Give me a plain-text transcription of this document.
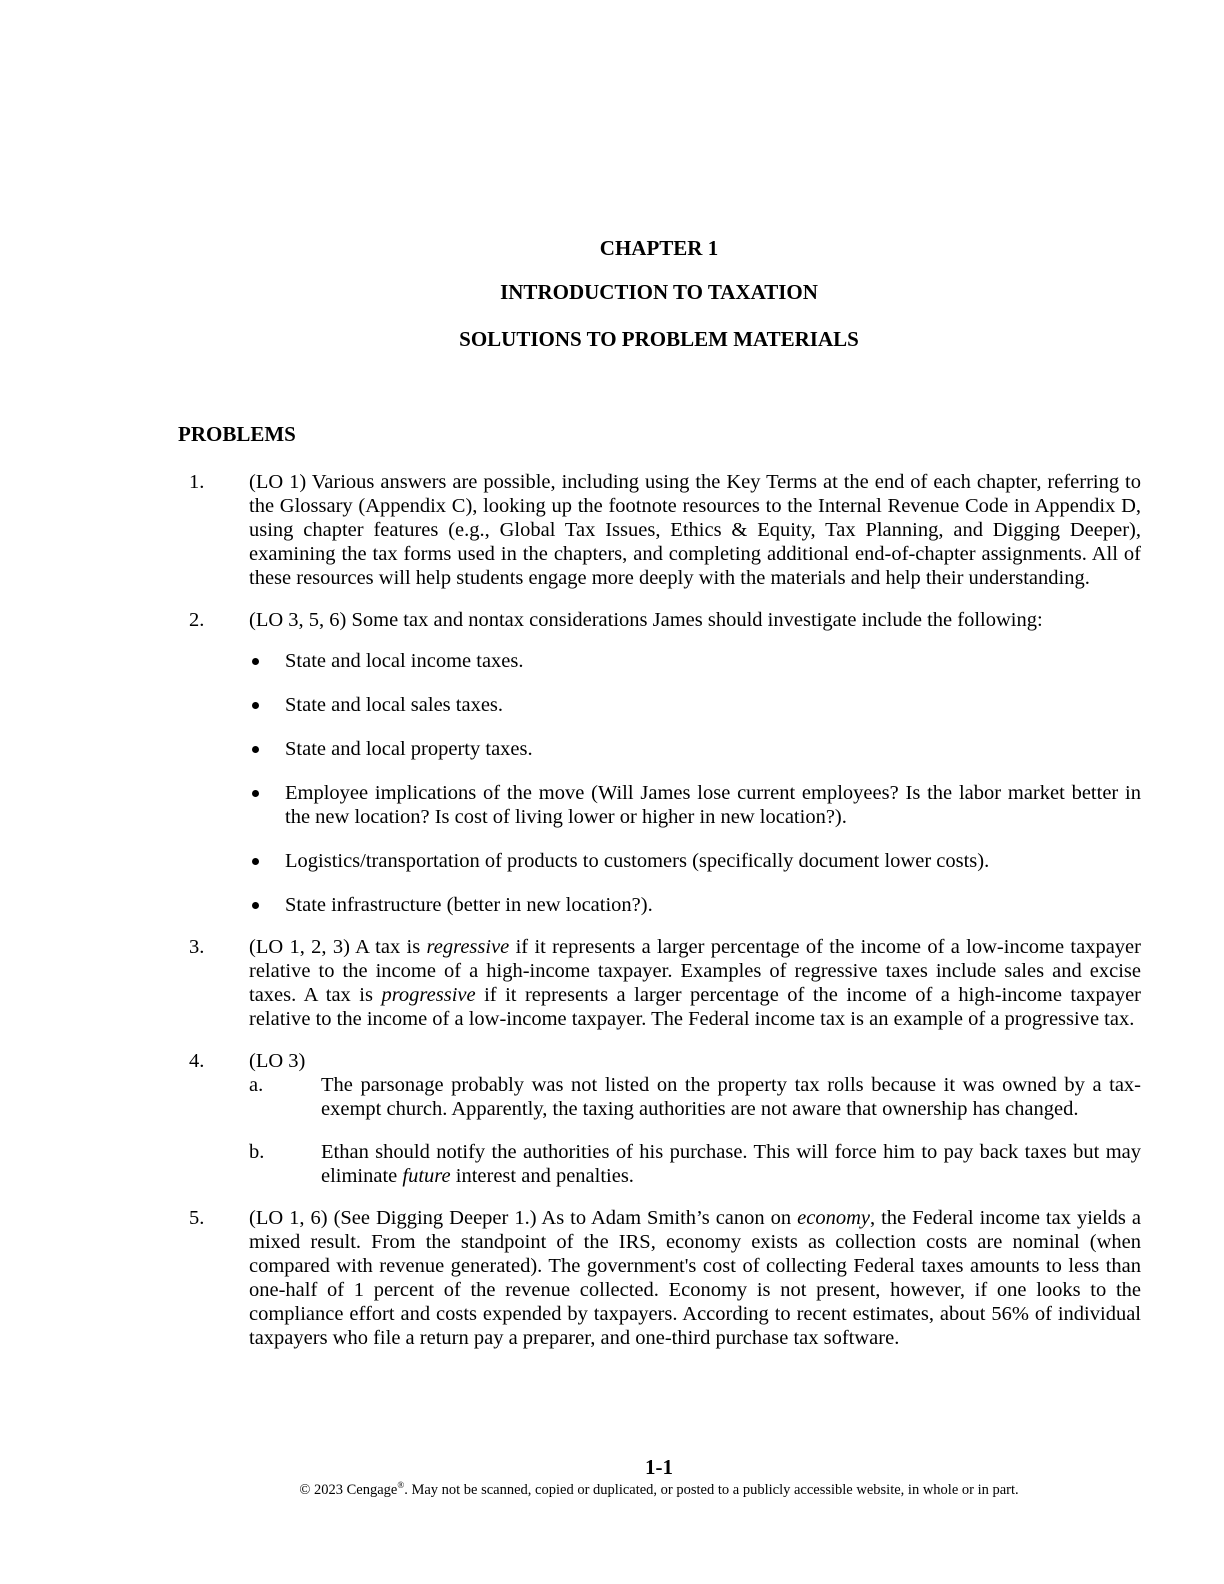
CHAPTER 1
INTRODUCTION TO TAXATION
SOLUTIONS TO PROBLEM MATERIALS
PROBLEMS
1. (LO 1) Various answers are possible, including using the Key Terms at the end of each chapter, referring to the Glossary (Appendix C), looking up the footnote resources to the Internal Revenue Code in Appendix D, using chapter features (e.g., Global Tax Issues, Ethics & Equity, Tax Planning, and Digging Deeper), examining the tax forms used in the chapters, and completing additional end-of-chapter assignments. All of these resources will help students engage more deeply with the materials and help their understanding.
2. (LO 3, 5, 6) Some tax and nontax considerations James should investigate include the following:
State and local income taxes.
State and local sales taxes.
State and local property taxes.
Employee implications of the move (Will James lose current employees? Is the labor market better in the new location? Is cost of living lower or higher in new location?).
Logistics/transportation of products to customers (specifically document lower costs).
State infrastructure (better in new location?).
3. (LO 1, 2, 3) A tax is regressive if it represents a larger percentage of the income of a low-income taxpayer relative to the income of a high-income taxpayer. Examples of regressive taxes include sales and excise taxes. A tax is progressive if it represents a larger percentage of the income of a high-income taxpayer relative to the income of a low-income taxpayer. The Federal income tax is an example of a progressive tax.
4. (LO 3)
a.	The parsonage probably was not listed on the property tax rolls because it was owned by a tax-exempt church. Apparently, the taxing authorities are not aware that ownership has changed.
b.	Ethan should notify the authorities of his purchase. This will force him to pay back taxes but may eliminate future interest and penalties.
5. (LO 1, 6) (See Digging Deeper 1.) As to Adam Smith’s canon on economy, the Federal income tax yields a mixed result. From the standpoint of the IRS, economy exists as collection costs are nominal (when compared with revenue generated). The government's cost of collecting Federal taxes amounts to less than one-half of 1 percent of the revenue collected. Economy is not present, however, if one looks to the compliance effort and costs expended by taxpayers. According to recent estimates, about 56% of individual taxpayers who file a return pay a preparer, and one-third purchase tax software.
1-1
© 2023 Cengage®. May not be scanned, copied or duplicated, or posted to a publicly accessible website, in whole or in part.
